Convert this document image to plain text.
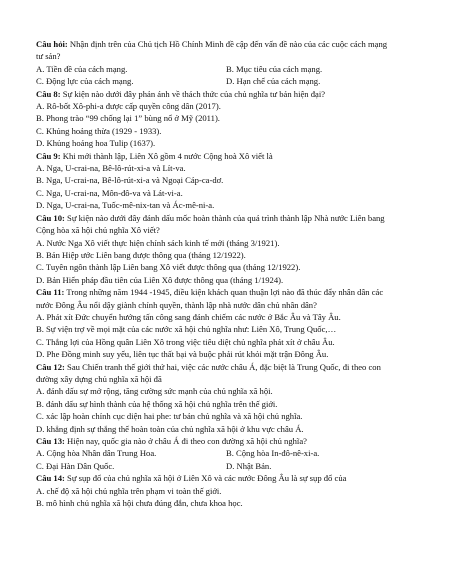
Câu hỏi: Nhận định trên của Chủ tịch Hồ Chính Minh đề cập đến vấn đề nào của các cuộc cách mạng
tư sản?
A. Tiền đề của cách mạng.	B. Mục tiêu của cách mạng.
C. Động lực của cách mạng.	D. Hạn chế của cách mạng.
Câu 8: Sự kiện nào dưới đây phản ánh về thách thức của chủ nghĩa tư bản hiện đại?
A. Rô-bốt Xô-phi-a được cấp quyền công dân (2017).
B. Phong trào “99 chống lại 1” bùng nổ ở Mỹ (2011).
C. Khủng hoảng thừa (1929 - 1933).
D. Khủng hoảng hoa Tulip (1637).
Câu 9: Khi mới thành lập, Liên Xô gồm 4 nước Cộng hoà Xô viết là
A. Nga, U-crai-na, Bê-lô-rút-xi-a và Lít-va.
B. Nga, U-crai-na, Bê-lô-rút-xi-a và Ngoại Cáp-ca-dơ.
C. Nga, U-crai-na, Môn-đô-va và Lát-vi-a.
D. Nga, U-crai-na, Tuốc-mê-nix-tan và Ác-mê-ni-a.
Câu 10: Sự kiện nào dưới đây đánh dấu mốc hoàn thành của quá trình thành lập Nhà nước Liên bang
Cộng hòa xã hội chủ nghĩa Xô viết?
A. Nước Nga Xô viết thực hiện chính sách kinh tế mới (tháng 3/1921).
B. Bản Hiệp ước Liên bang được thông qua (tháng 12/1922).
C. Tuyên ngôn thành lập Liên bang Xô viết được thông qua (tháng 12/1922).
D. Bản Hiến pháp đầu tiên của Liên Xô được thông qua (tháng 1/1924).
Câu 11: Trong những năm 1944 -1945, điều kiện khách quan thuận lợi nào đã thúc đẩy nhân dân các
nước Đông Âu nổi dậy giành chính quyền, thành lập nhà nước dân chủ nhân dân?
A. Phát xít Đức chuyển hướng tấn công sang đánh chiếm các nước ở Bắc Âu và Tây Âu.
B. Sự viện trợ về mọi mặt của các nước xã hội chủ nghĩa như: Liên Xô, Trung Quốc,…
C. Thắng lợi của Hồng quân Liên Xô trong việc tiêu diệt chủ nghĩa phát xít ở châu Âu.
D. Phe Đồng minh suy yếu, liên tục thất bại và buộc phải rút khỏi mặt trận Đông Âu.
Câu 12: Sau Chiến tranh thế giới thứ hai, việc các nước châu Á, đặc biệt là Trung Quốc, đi theo con
đường xây dựng chủ nghĩa xã hội đã
A. đánh dấu sự mở rộng, tăng cường sức mạnh của chủ nghĩa xã hội.
B. đánh dấu sự hình thành của hệ thống xã hội chủ nghĩa trên thế giới.
C. xác lập hoàn chỉnh cục diện hai phe: tư bản chủ nghĩa và xã hội chủ nghĩa.
D. khẳng định sự thắng thế hoàn toàn của chủ nghĩa xã hội ở khu vực châu Á.
Câu 13: Hiện nay, quốc gia nào ở châu Á đi theo con đường xã hội chủ nghĩa?
A. Cộng hòa Nhân dân Trung Hoa.	B. Cộng hòa In-đô-nê-xi-a.
C. Đại Hàn Dân Quốc.	D. Nhật Bản.
Câu 14: Sự sụp đổ của chủ nghĩa xã hội ở Liên Xô và các nước Đông Âu là sự sụp đổ của
A. chế độ xã hội chủ nghĩa trên phạm vi toàn thế giới.
B. mô hình chủ nghĩa xã hội chưa đúng đắn, chưa khoa học.
